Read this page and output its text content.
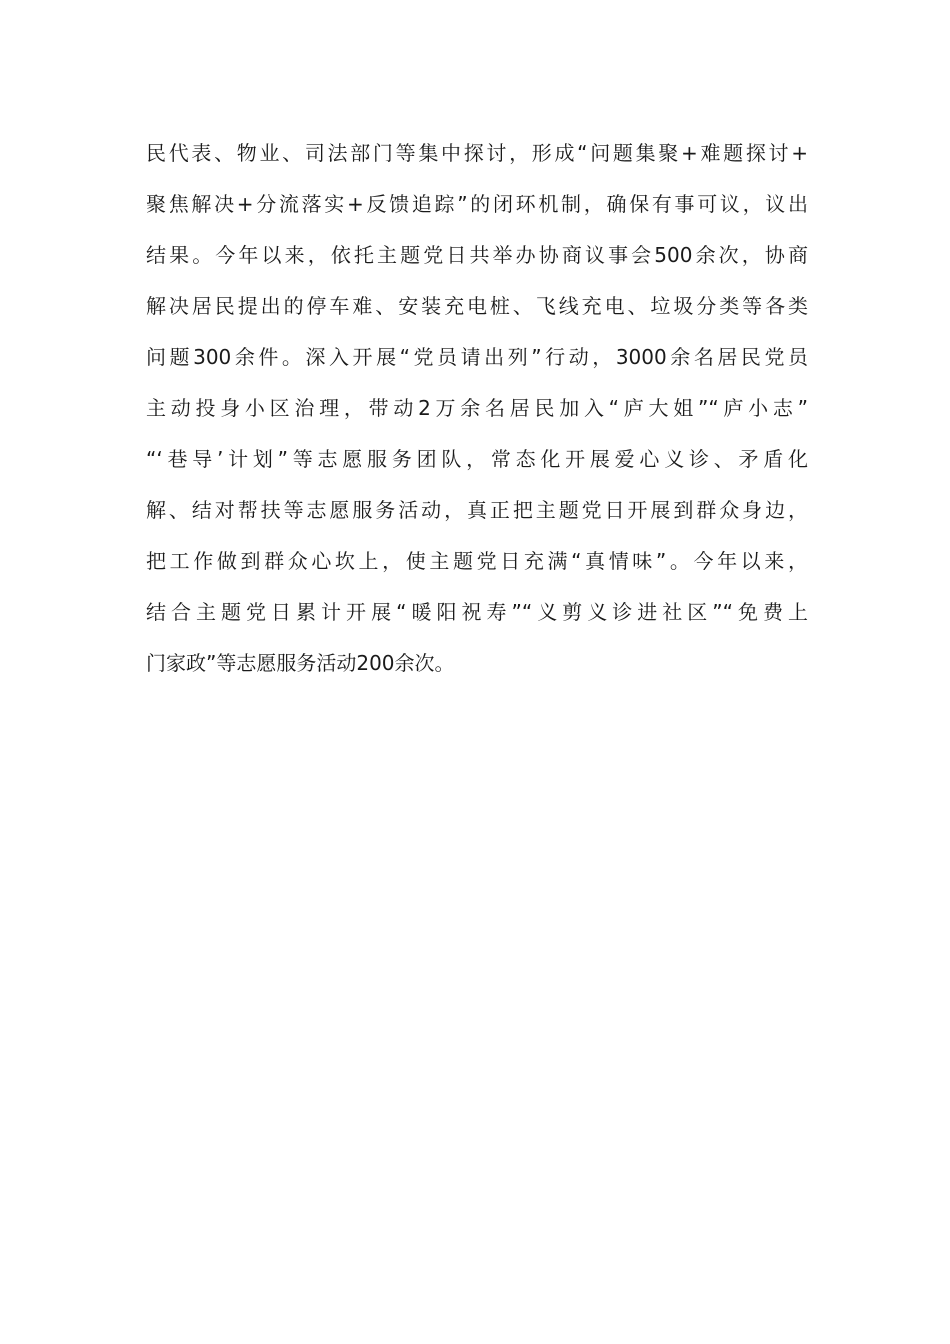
民代表、物业、司法部门等集中探讨，形成“问题集聚+难题探讨+
聚焦解决+分流落实+反馈追踪”的闭环机制，确保有事可议，议出
结果。今年以来，依托主题党日共举办协商议事会500余次，协商
解决居民提出的停车难、安装充电桩、飞线充电、垃圾分类等各类
问题300余件。深入开展“党员请出列”行动，3000余名居民党员
主动投身小区治理，带动2万余名居民加入“庐大姐”“庐小志”
“‘巷导’计划”等志愿服务团队，常态化开展爱心义诊、矛盾化
解、结对帮扶等志愿服务活动，真正把主题党日开展到群众身边，
把工作做到群众心坎上，使主题党日充满“真情味”。今年以来，
结合主题党日累计开展“暖阳祝寿”“义剪义诊进社区”“免费上
门家政”等志愿服务活动200余次。
